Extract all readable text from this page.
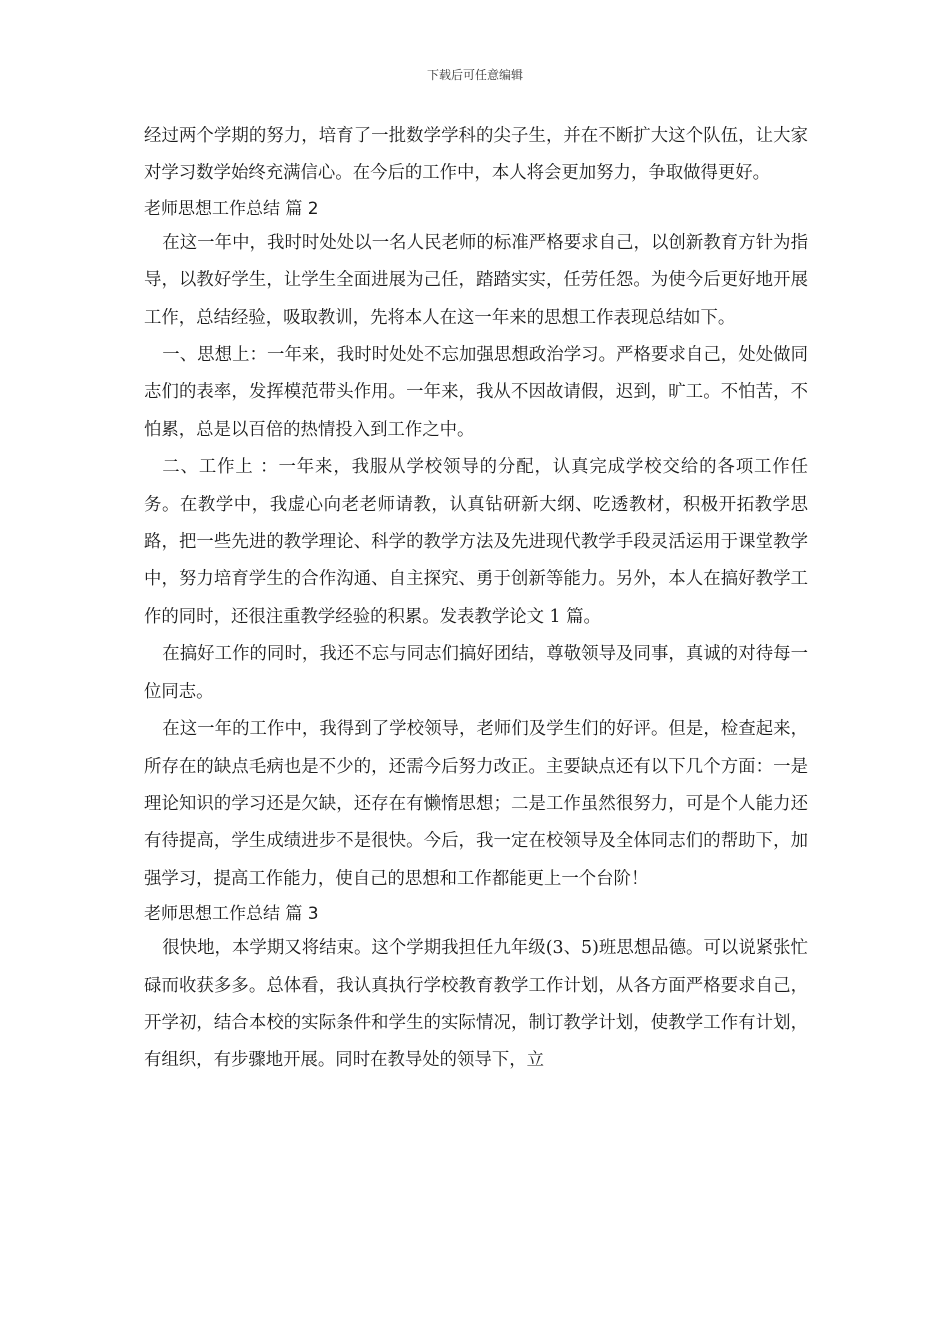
下载后可任意编辑

经过两个学期的努力，培育了一批数学学科的尖子生，并在不断扩大这个队伍，让大家对学习数学始终充满信心。在今后的工作中，本人将会更加努力，争取做得更好。

老师思想工作总结 篇 2

在这一年中，我时时处处以一名人民老师的标准严格要求自己，以创新教育方针为指导，以教好学生，让学生全面进展为己任，踏踏实实，任劳任怨。为使今后更好地开展工作，总结经验，吸取教训，先将本人在这一年来的思想工作表现总结如下。

一、思想上：一年来，我时时处处不忘加强思想政治学习。严格要求自己，处处做同志们的表率，发挥模范带头作用。一年来，我从不因故请假，迟到，旷工。不怕苦，不怕累，总是以百倍的热情投入到工作之中。

二、工作上 ：一年来，我服从学校领导的分配，认真完成学校交给的各项工作任务。在教学中，我虚心向老老师请教，认真钻研新大纲、吃透教材，积极开拓教学思路，把一些先进的教学理论、科学的教学方法及先进现代教学手段灵活运用于课堂教学中，努力培育学生的合作沟通、自主探究、勇于创新等能力。另外，本人在搞好教学工作的同时，还很注重教学经验的积累。发表教学论文 1 篇。

在搞好工作的同时，我还不忘与同志们搞好团结，尊敬领导及同事，真诚的对待每一位同志。

在这一年的工作中，我得到了学校领导，老师们及学生们的好评。但是，检查起来，所存在的缺点毛病也是不少的，还需今后努力改正。主要缺点还有以下几个方面：一是理论知识的学习还是欠缺，还存在有懒惰思想；二是工作虽然很努力，可是个人能力还有待提高，学生成绩进步不是很快。今后，我一定在校领导及全体同志们的帮助下，加强学习，提高工作能力，使自己的思想和工作都能更上一个台阶！

老师思想工作总结 篇 3

很快地，本学期又将结束。这个学期我担任九年级(3、5)班思想品德。可以说紧张忙碌而收获多多。总体看，我认真执行学校教育教学工作计划，从各方面严格要求自己，开学初，结合本校的实际条件和学生的实际情况，制订教学计划，使教学工作有计划，有组织，有步骤地开展。同时在教导处的领导下，立
